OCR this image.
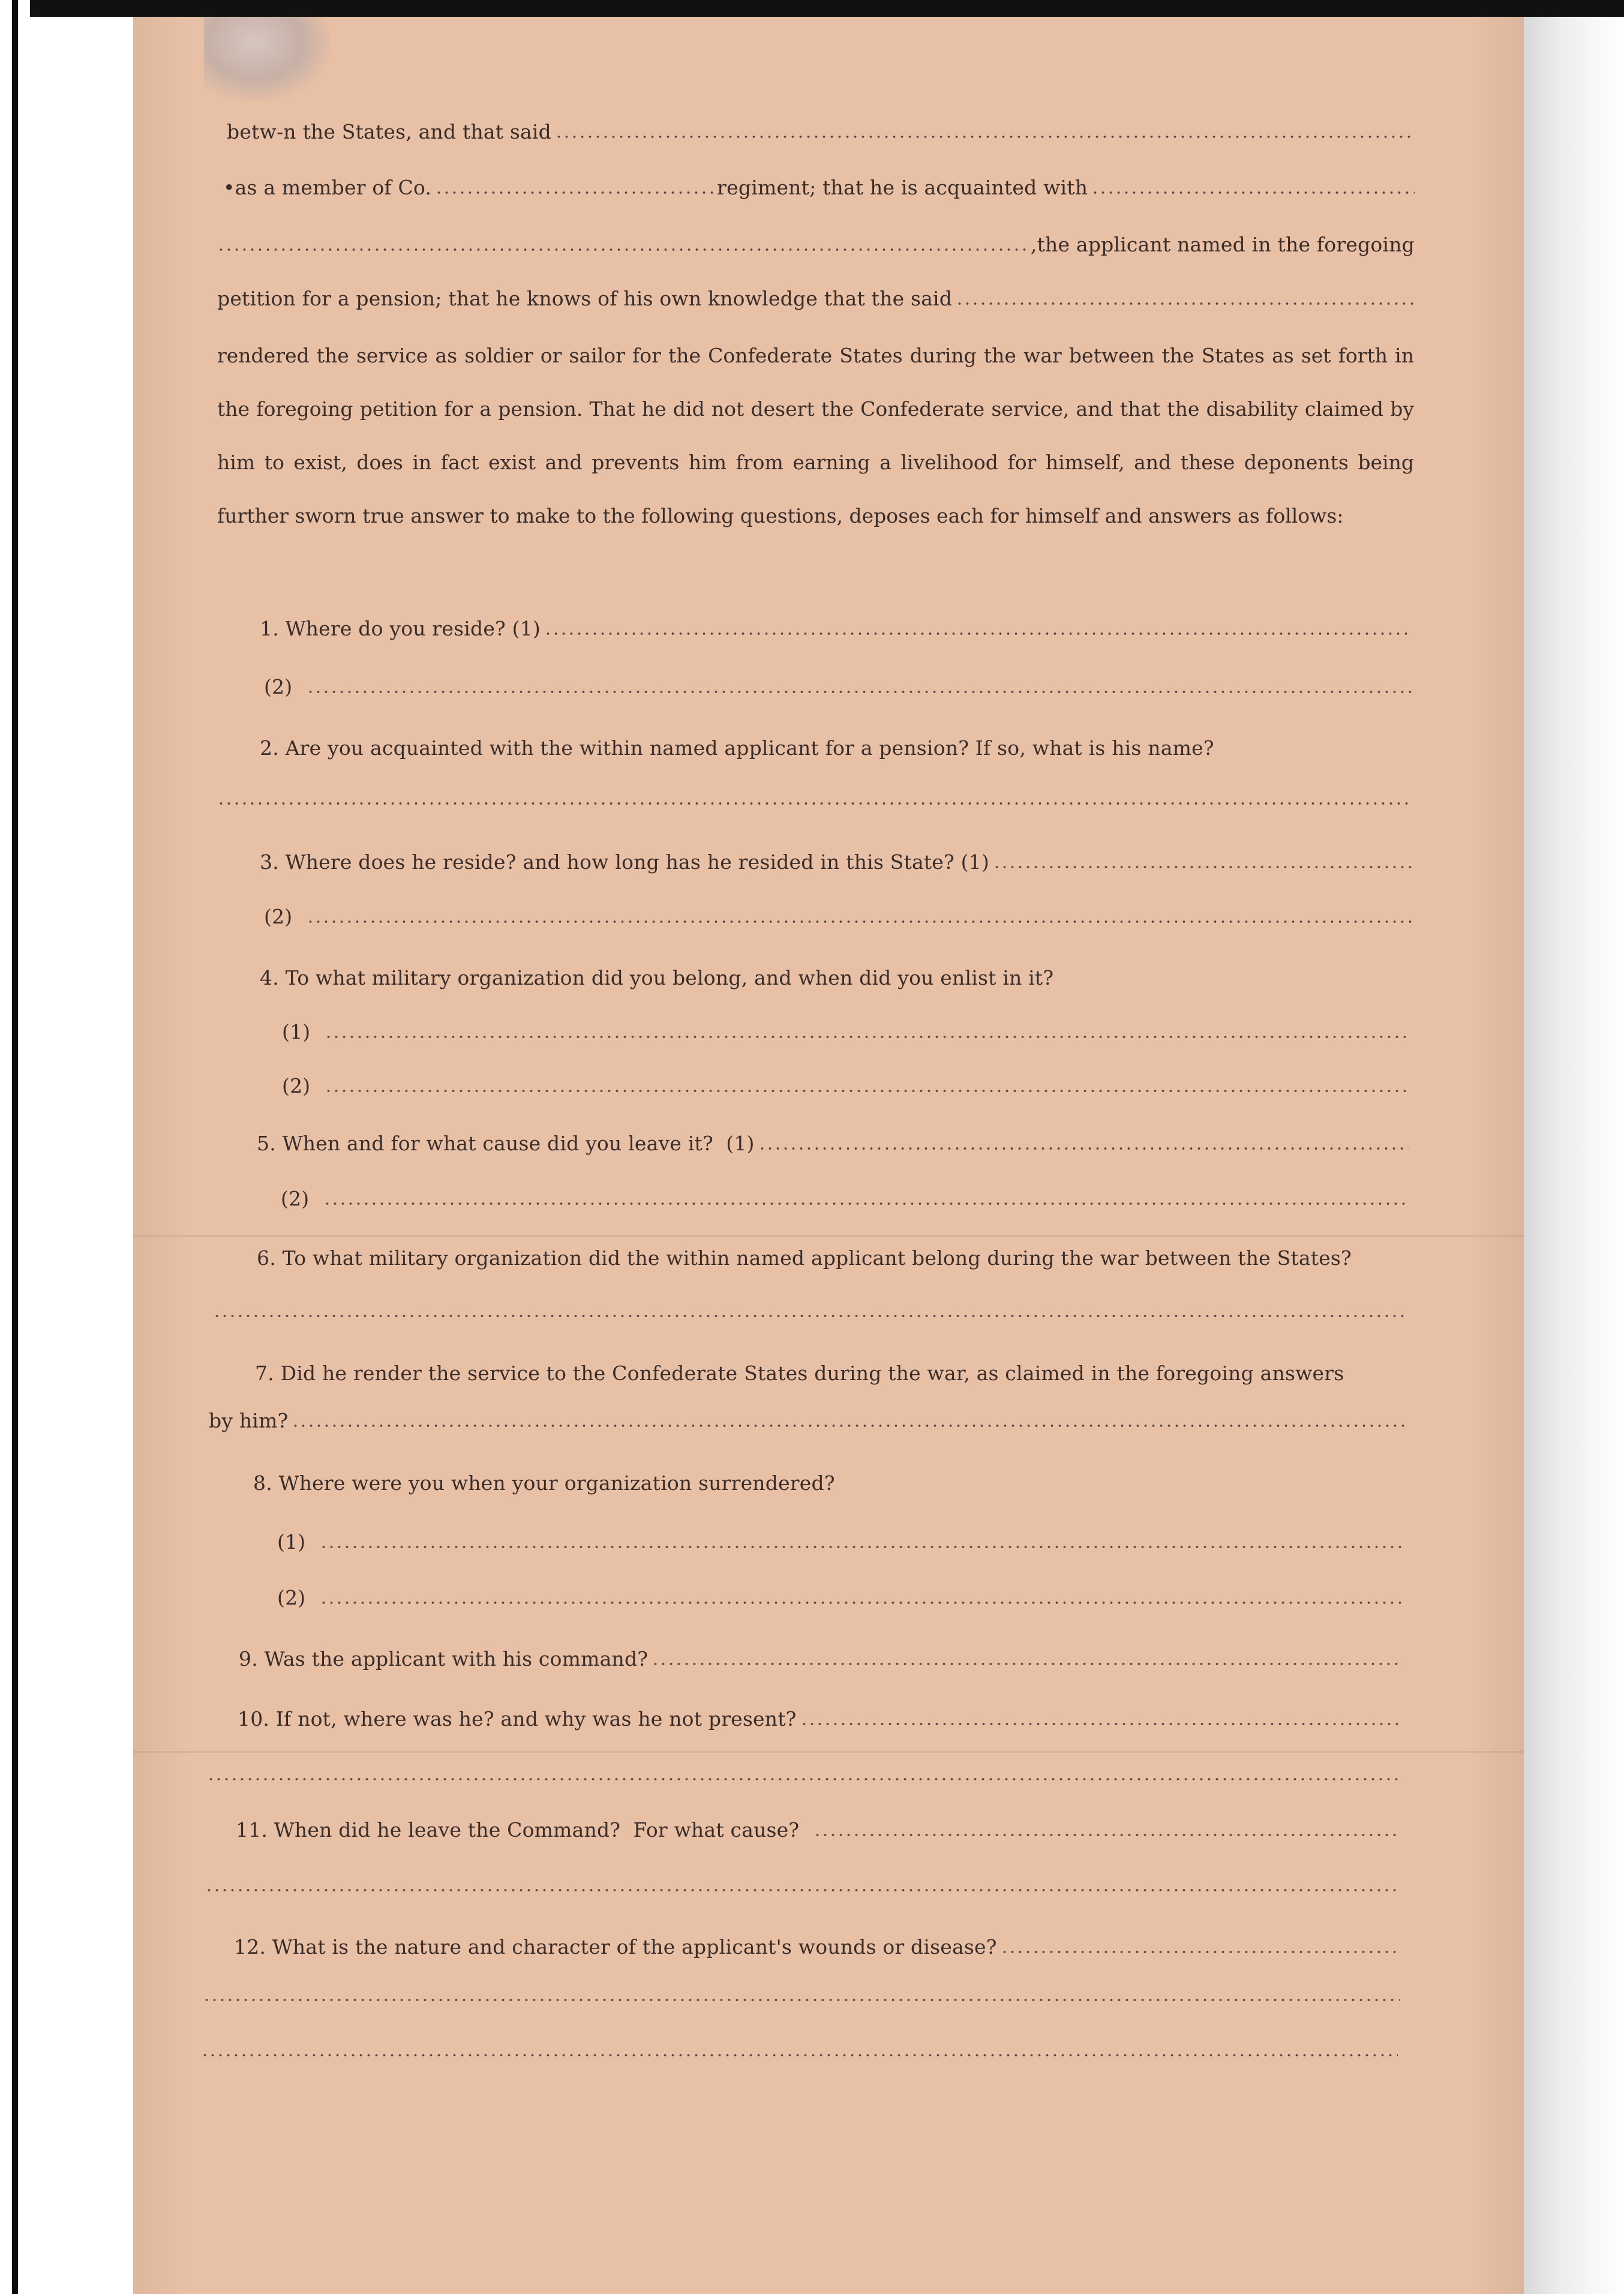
betw-n the States, and that said
•as a member of Co.	regiment; that he is acquainted with
,the applicant named in the foregoing
petition for a pension; that he knows of his own knowledge that the said
rendered the service as soldier or sailor for the Confederate States during the war between the States as set forth in the foregoing petition for a pension. That he did not desert the Confederate service, and that the disability claimed by him to exist, does in fact exist and prevents him from earning a livelihood for himself, and these deponents being further sworn true answer to make to the following questions, deposes each for himself and answers as follows:
1. Where do you reside? (1)
(2)
2. Are you acquainted with the within named applicant for a pension? If so, what is his name?
3. Where does he reside? and how long has he resided in this State? (1)
(2)
4. To what military organization did you belong, and when did you enlist in it?
(1)
(2)
5. When and for what cause did you leave it?  (1)
(2)
6. To what military organization did the within named applicant belong during the war between the States?
7. Did he render the service to the Confederate States during the war, as claimed in the foregoing answers
by him?
8. Where were you when your organization surrendered?
(1)
(2)
9. Was the applicant with his command?
10. If not, where was he? and why was he not present?
11. When did he leave the Command?  For what cause?
12. What is the nature and character of the applicant's wounds or disease?
